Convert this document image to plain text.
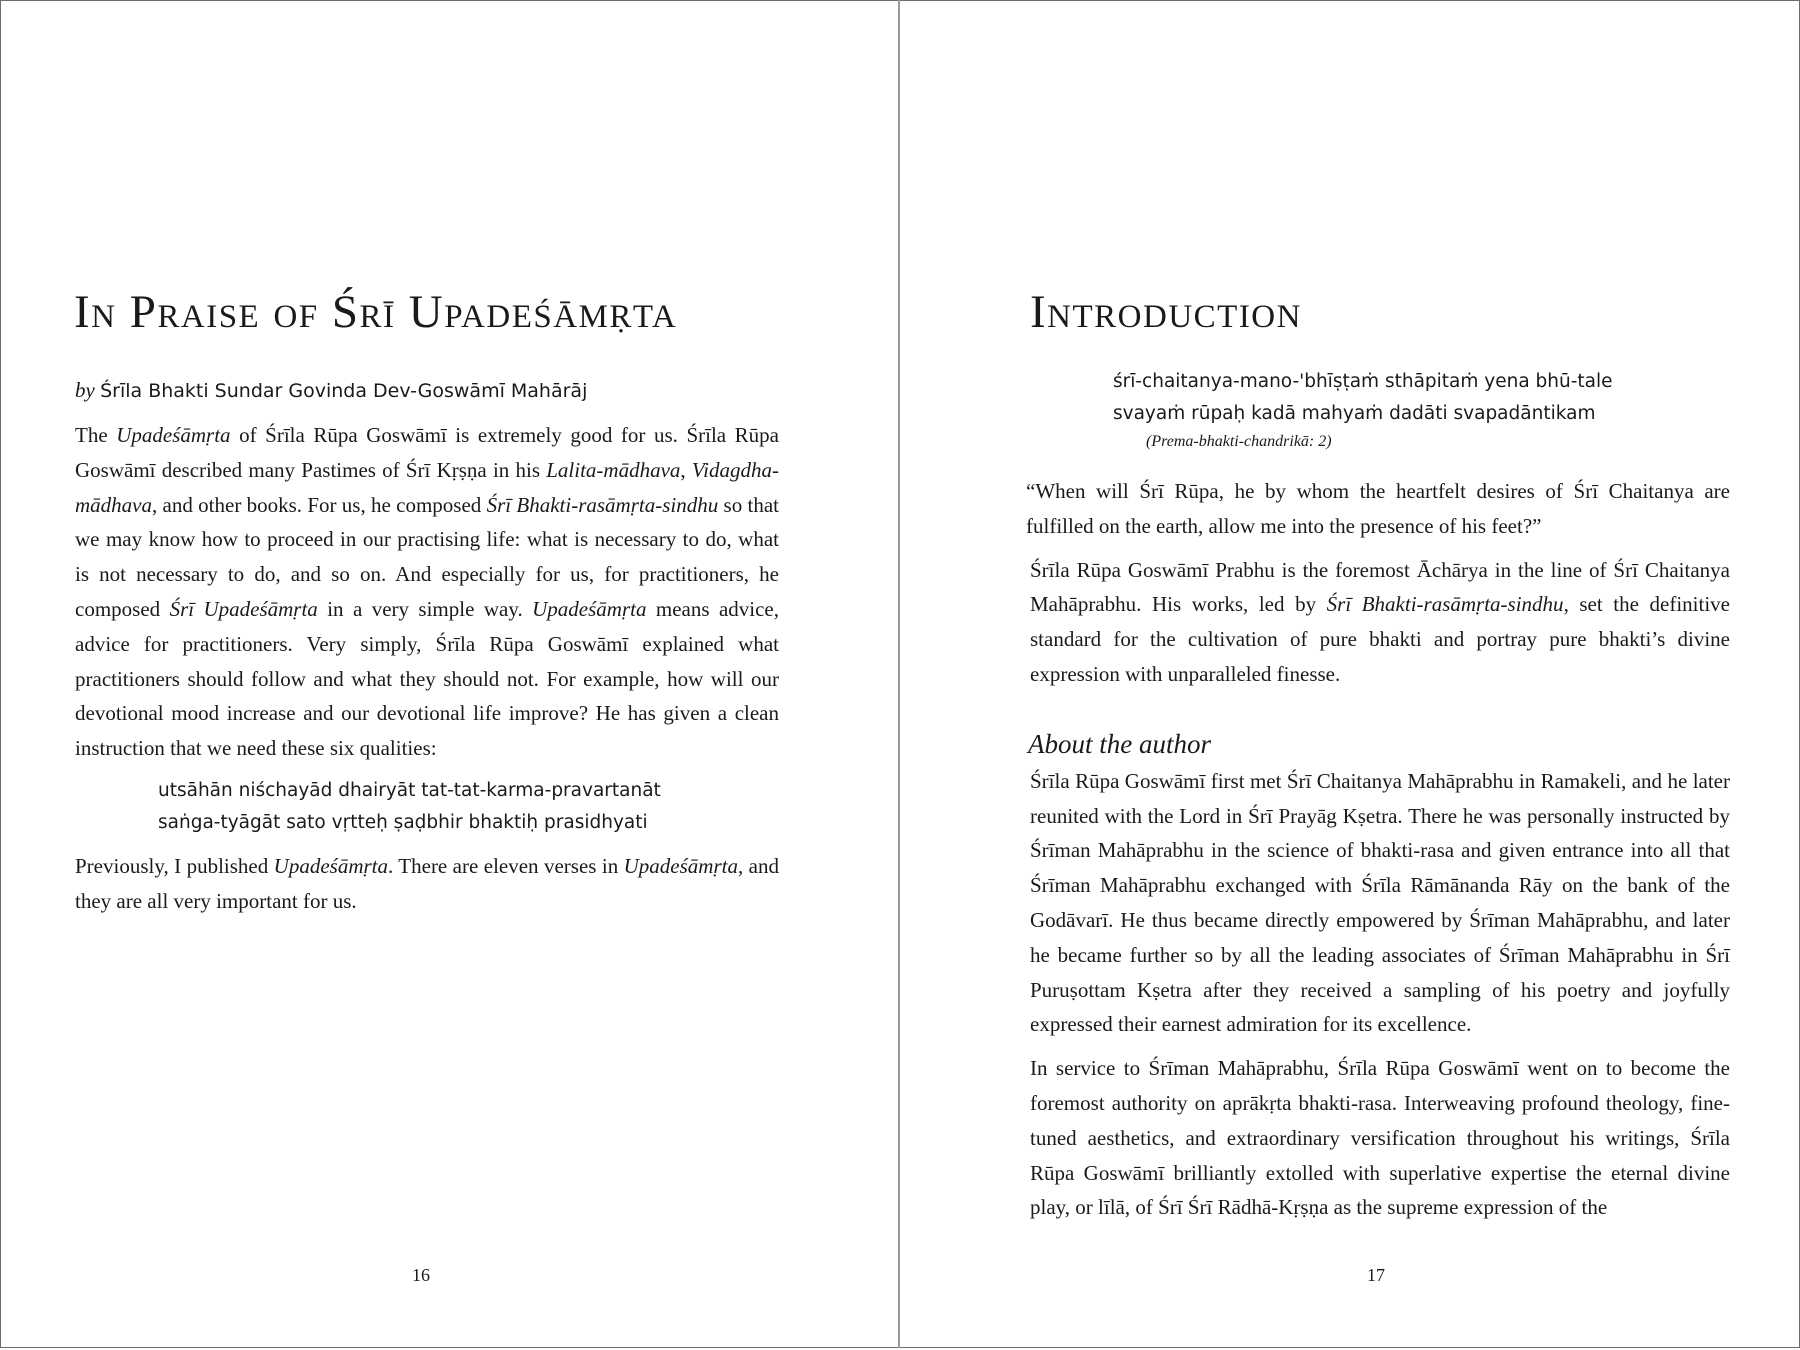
In Praise of Śrī Upadeśāmṛta
by Śrīla Bhakti Sundar Govinda Dev-Goswāmī Mahārāj

The Upadeśāmṛta of Śrīla Rūpa Goswāmī is extremely good for us. Śrīla Rūpa Goswāmī described many Pastimes of Śrī Kṛṣṇa in his Lalita-mādhava, Vidagdha-mādhava, and other books. For us, he composed Śrī Bhakti-rasāmṛta-sindhu so that we may know how to proceed in our practising life: what is necessary to do, what is not necessary to do, and so on. And especially for us, for practitioners, he composed Śrī Upadeśāmṛta in a very simple way. Upadeśāmṛta means advice, advice for practitioners. Very simply, Śrīla Rūpa Goswāmī explained what practitioners should follow and what they should not. For example, how will our devotional mood increase and our devotional life improve? He has given a clean instruction that we need these six qualities:

utsāhān niśchayād dhairyāt tat-tat-karma-pravartanāt
saṅga-tyāgāt sato vṛtteḥ ṣaḍbhir bhaktiḥ prasidhyati

Previously, I published Upadeśāmṛta. There are eleven verses in Upadeśāmṛta, and they are all very important for us.

16
Introduction
śrī-chaitanya-mano-'bhīṣṭaṁ sthāpitaṁ yena bhū-tale
svayaṁ rūpaḥ kadā mahyaṁ dadāti svapadāntikam
(Prema-bhakti-chandrikā: 2)

“When will Śrī Rūpa, he by whom the heartfelt desires of Śrī Chaitanya are fulfilled on the earth, allow me into the presence of his feet?”

Śrīla Rūpa Goswāmī Prabhu is the foremost Āchārya in the line of Śrī Chaitanya Mahāprabhu. His works, led by Śrī Bhakti-rasāmṛta-sindhu, set the definitive standard for the cultivation of pure bhakti and portray pure bhakti’s divine expression with unparalleled finesse.

About the author

Śrīla Rūpa Goswāmī first met Śrī Chaitanya Mahāprabhu in Ramakeli, and he later reunited with the Lord in Śrī Prayāg Kṣetra. There he was personally instructed by Śrīman Mahāprabhu in the science of bhakti-rasa and given entrance into all that Śrīman Mahāprabhu exchanged with Śrīla Rāmānanda Rāy on the bank of the Godāvarī. He thus became directly empowered by Śrīman Mahāprabhu, and later he became further so by all the leading associates of Śrīman Mahāprabhu in Śrī Puruṣottam Kṣetra after they received a sampling of his poetry and joyfully expressed their earnest admiration for its excellence.

In service to Śrīman Mahāprabhu, Śrīla Rūpa Goswāmī went on to become the foremost authority on aprākṛta bhakti-rasa. Interweaving profound theology, fine-tuned aesthetics, and extraordinary versification throughout his writings, Śrīla Rūpa Goswāmī brilliantly extolled with superlative expertise the eternal divine play, or līlā, of Śrī Śrī Rādhā-Kṛṣṇa as the supreme expression of the

17
